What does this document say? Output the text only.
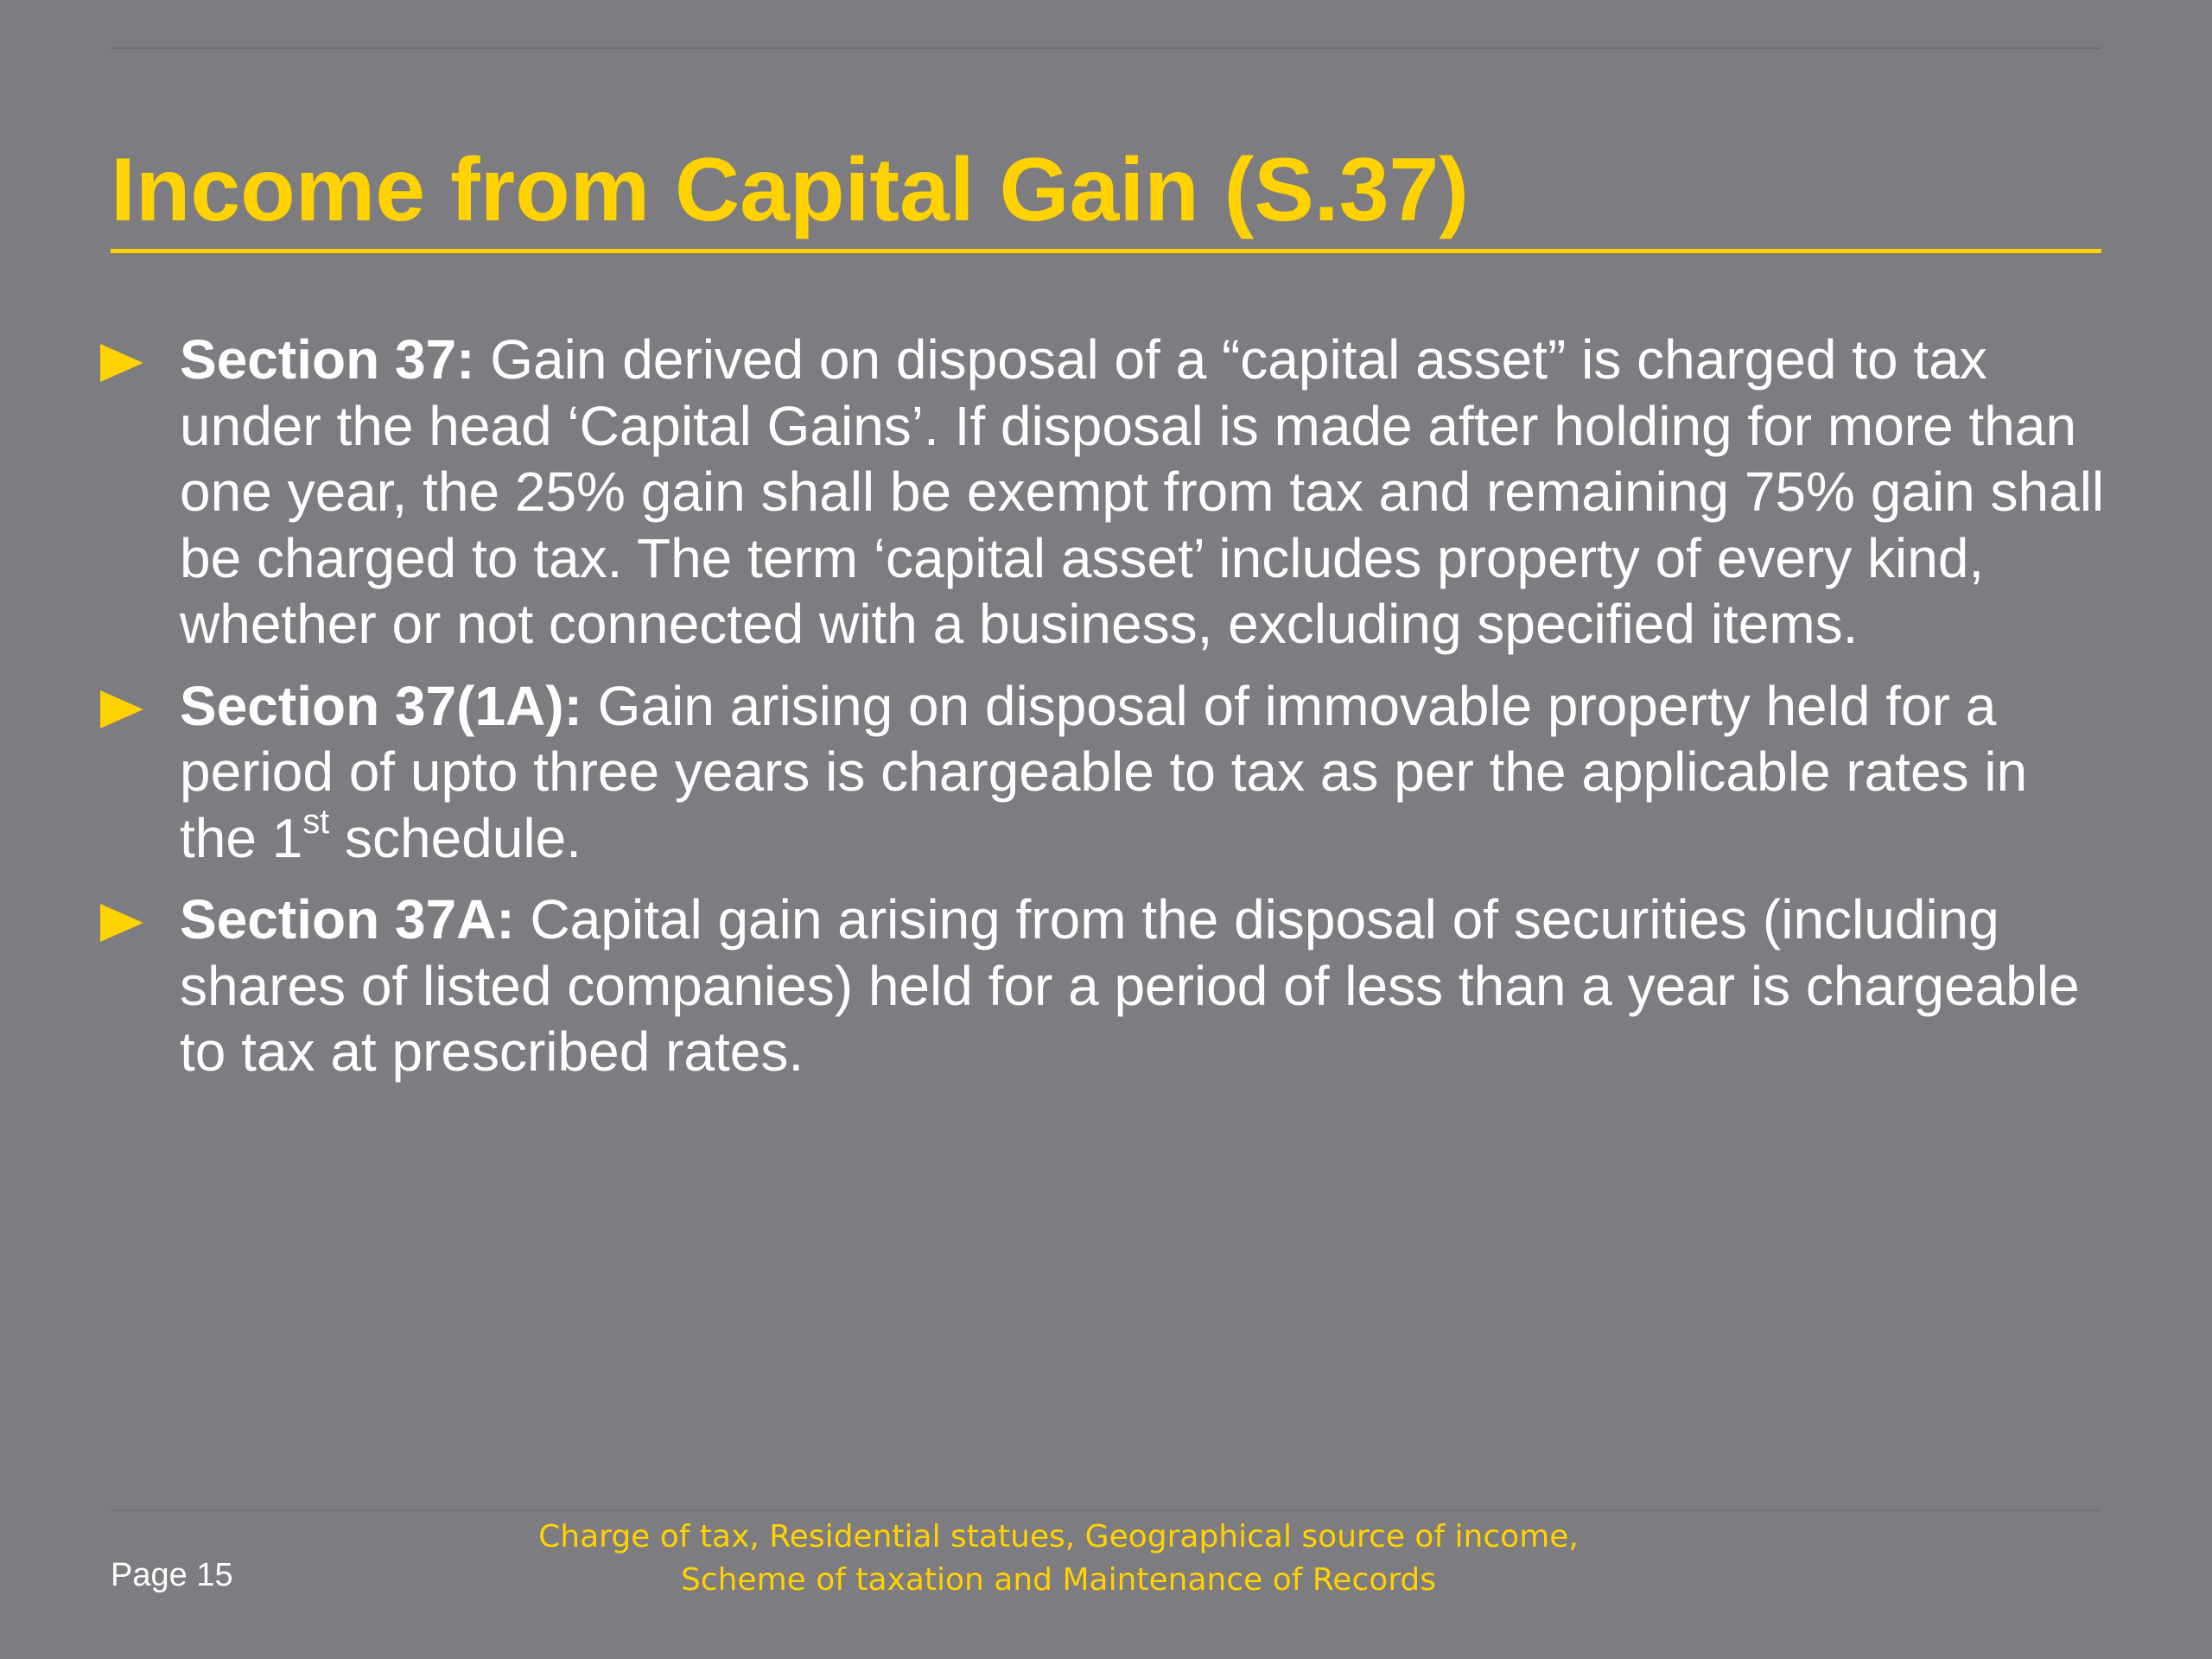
Income from Capital Gain (S.37)
Section 37: Gain derived on disposal of a “capital asset” is charged to tax under the head ‘Capital Gains’. If disposal is made after holding for more than one year, the 25% gain shall be exempt from tax and remaining 75% gain shall be charged to tax. The term ‘capital asset’ includes property of every kind, whether or not connected with a business, excluding specified items.
Section 37(1A): Gain arising on disposal of immovable property held for a period of upto three years is chargeable to tax as per the applicable rates in the 1st schedule.
Section 37A: Capital gain arising from the disposal of securities (including shares of listed companies) held for a period of less than a year is chargeable to tax at prescribed rates.
Page 15
Charge of tax, Residential statues, Geographical source of income,
Scheme of taxation and Maintenance of Records
